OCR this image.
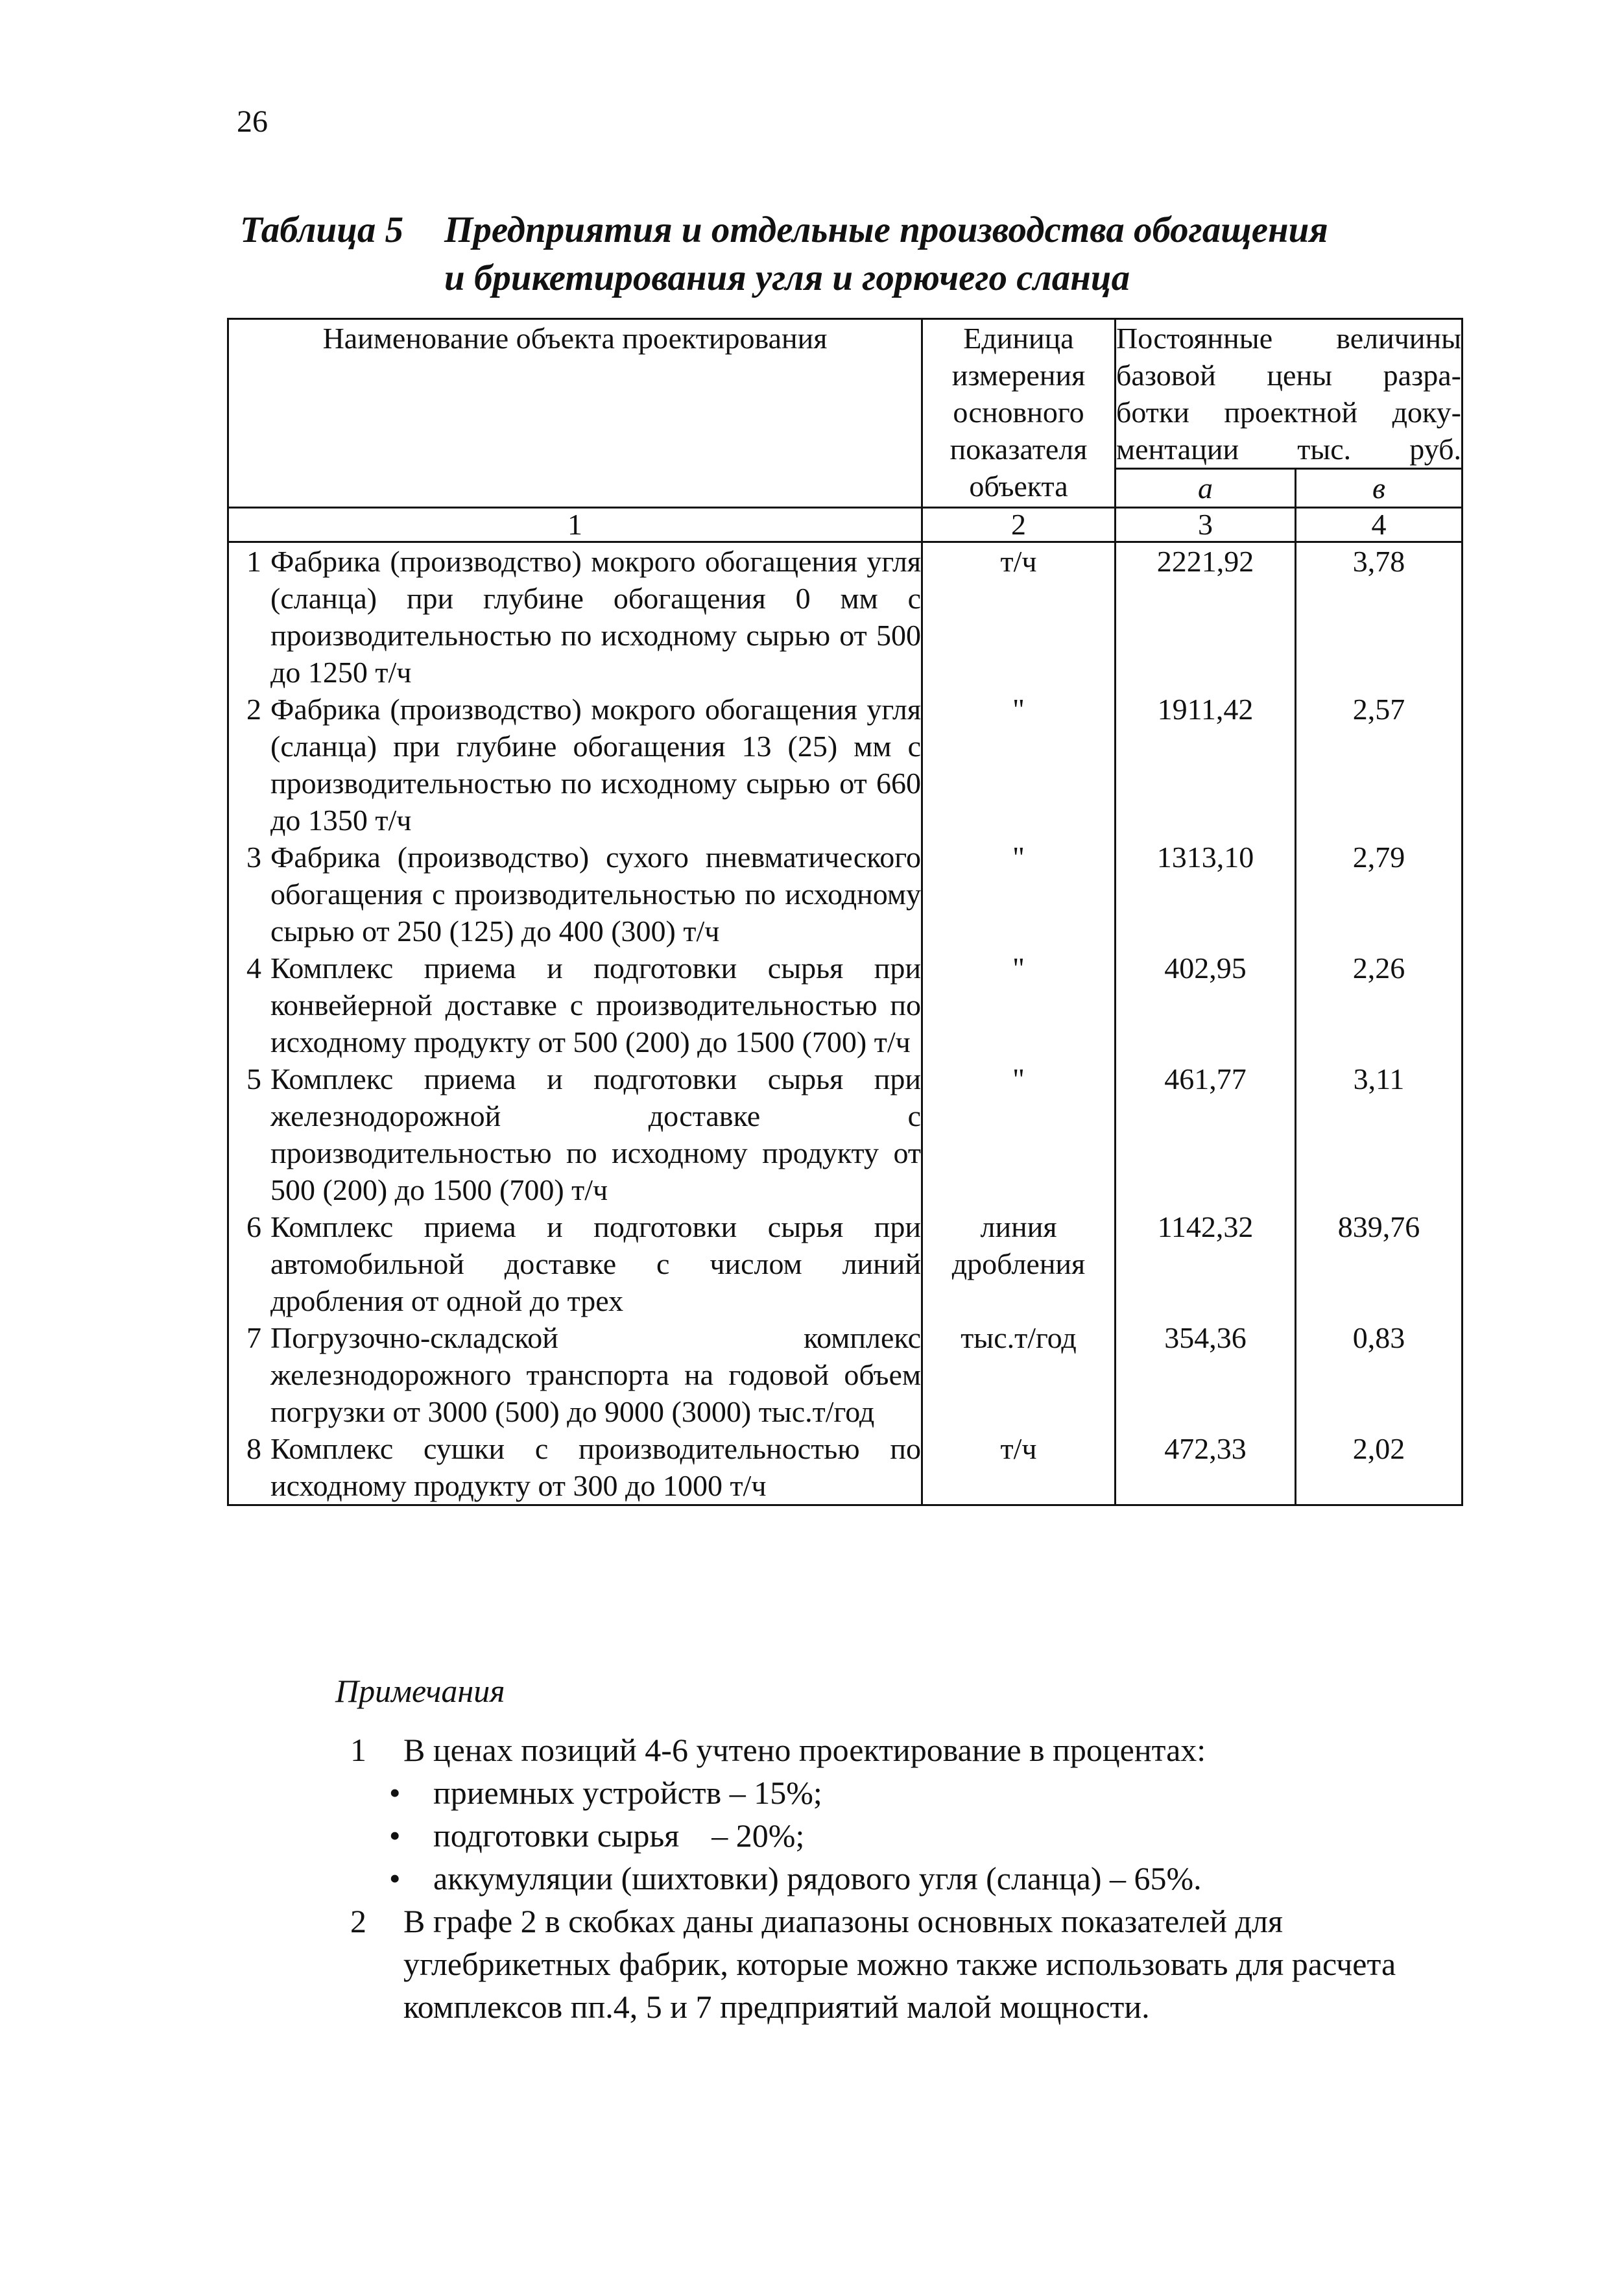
26
Таблица 5 Предприятия и отдельные производства обогащения
и брикетирования угля и горючего сланца
Наименование объекта проектирования	Единица измерения основного показателя объекта	Постоянные величины
базовой цены разра-
ботки проектной доку-
ментации тыс. руб.	

		а	в
1	2	3	4

1 Фабрика (производство) мокрого обогащения угля (сланца) при глубине обогащения 0 мм с производительностью по исходному сырью от 500 до 1250 т/ч	т/ч	2221,92	3,78

2 Фабрика (производство) мокрого обогащения угля (сланца) при глубине обогащения 13 (25) мм с производительностью по исходному сырью от 660 до 1350 т/ч	"	1911,42	2,57

3 Фабрика (производство) сухого пневматического обогащения с производительностью по исходному сырью от 250 (125) до 400 (300) т/ч	"	1313,10	2,79

4 Комплекс приема и подготовки сырья при конвейерной доставке с производительностью по исходному продукту от 500 (200) до 1500 (700) т/ч	"	402,95	2,26

5 Комплекс приема и подготовки сырья при железнодорожной доставке с производительностью по исходному продукту от 500 (200) до 1500 (700) т/ч	"	461,77	3,11

6 Комплекс приема и подготовки сырья при автомобильной доставке с числом линий дробления от одной до трех	линия дробления	1142,32	839,76

7 Погрузочно-складской комплекс железнодорожного транспорта на годовой объем погрузки от 3000 (500) до 9000 (3000) тыс.т/год	тыс.т/год	354,36	0,83

8 Комплекс сушки с производительностью по исходному продукту от 300 до 1000 т/ч	т/ч	472,33	2,02
Примечания
1	В ценах позиций 4-6 учтено проектирование в процентах:
•	приемных устройств – 15%;
•	подготовки сырья    – 20%;
•	аккумуляции (шихтовки) рядового угля (сланца) – 65%.
2	В графе 2 в скобках даны диапазоны основных показателей для углебрикетных фабрик, которые можно также использовать для расчета комплексов пп.4, 5 и 7 предприятий малой мощности.
